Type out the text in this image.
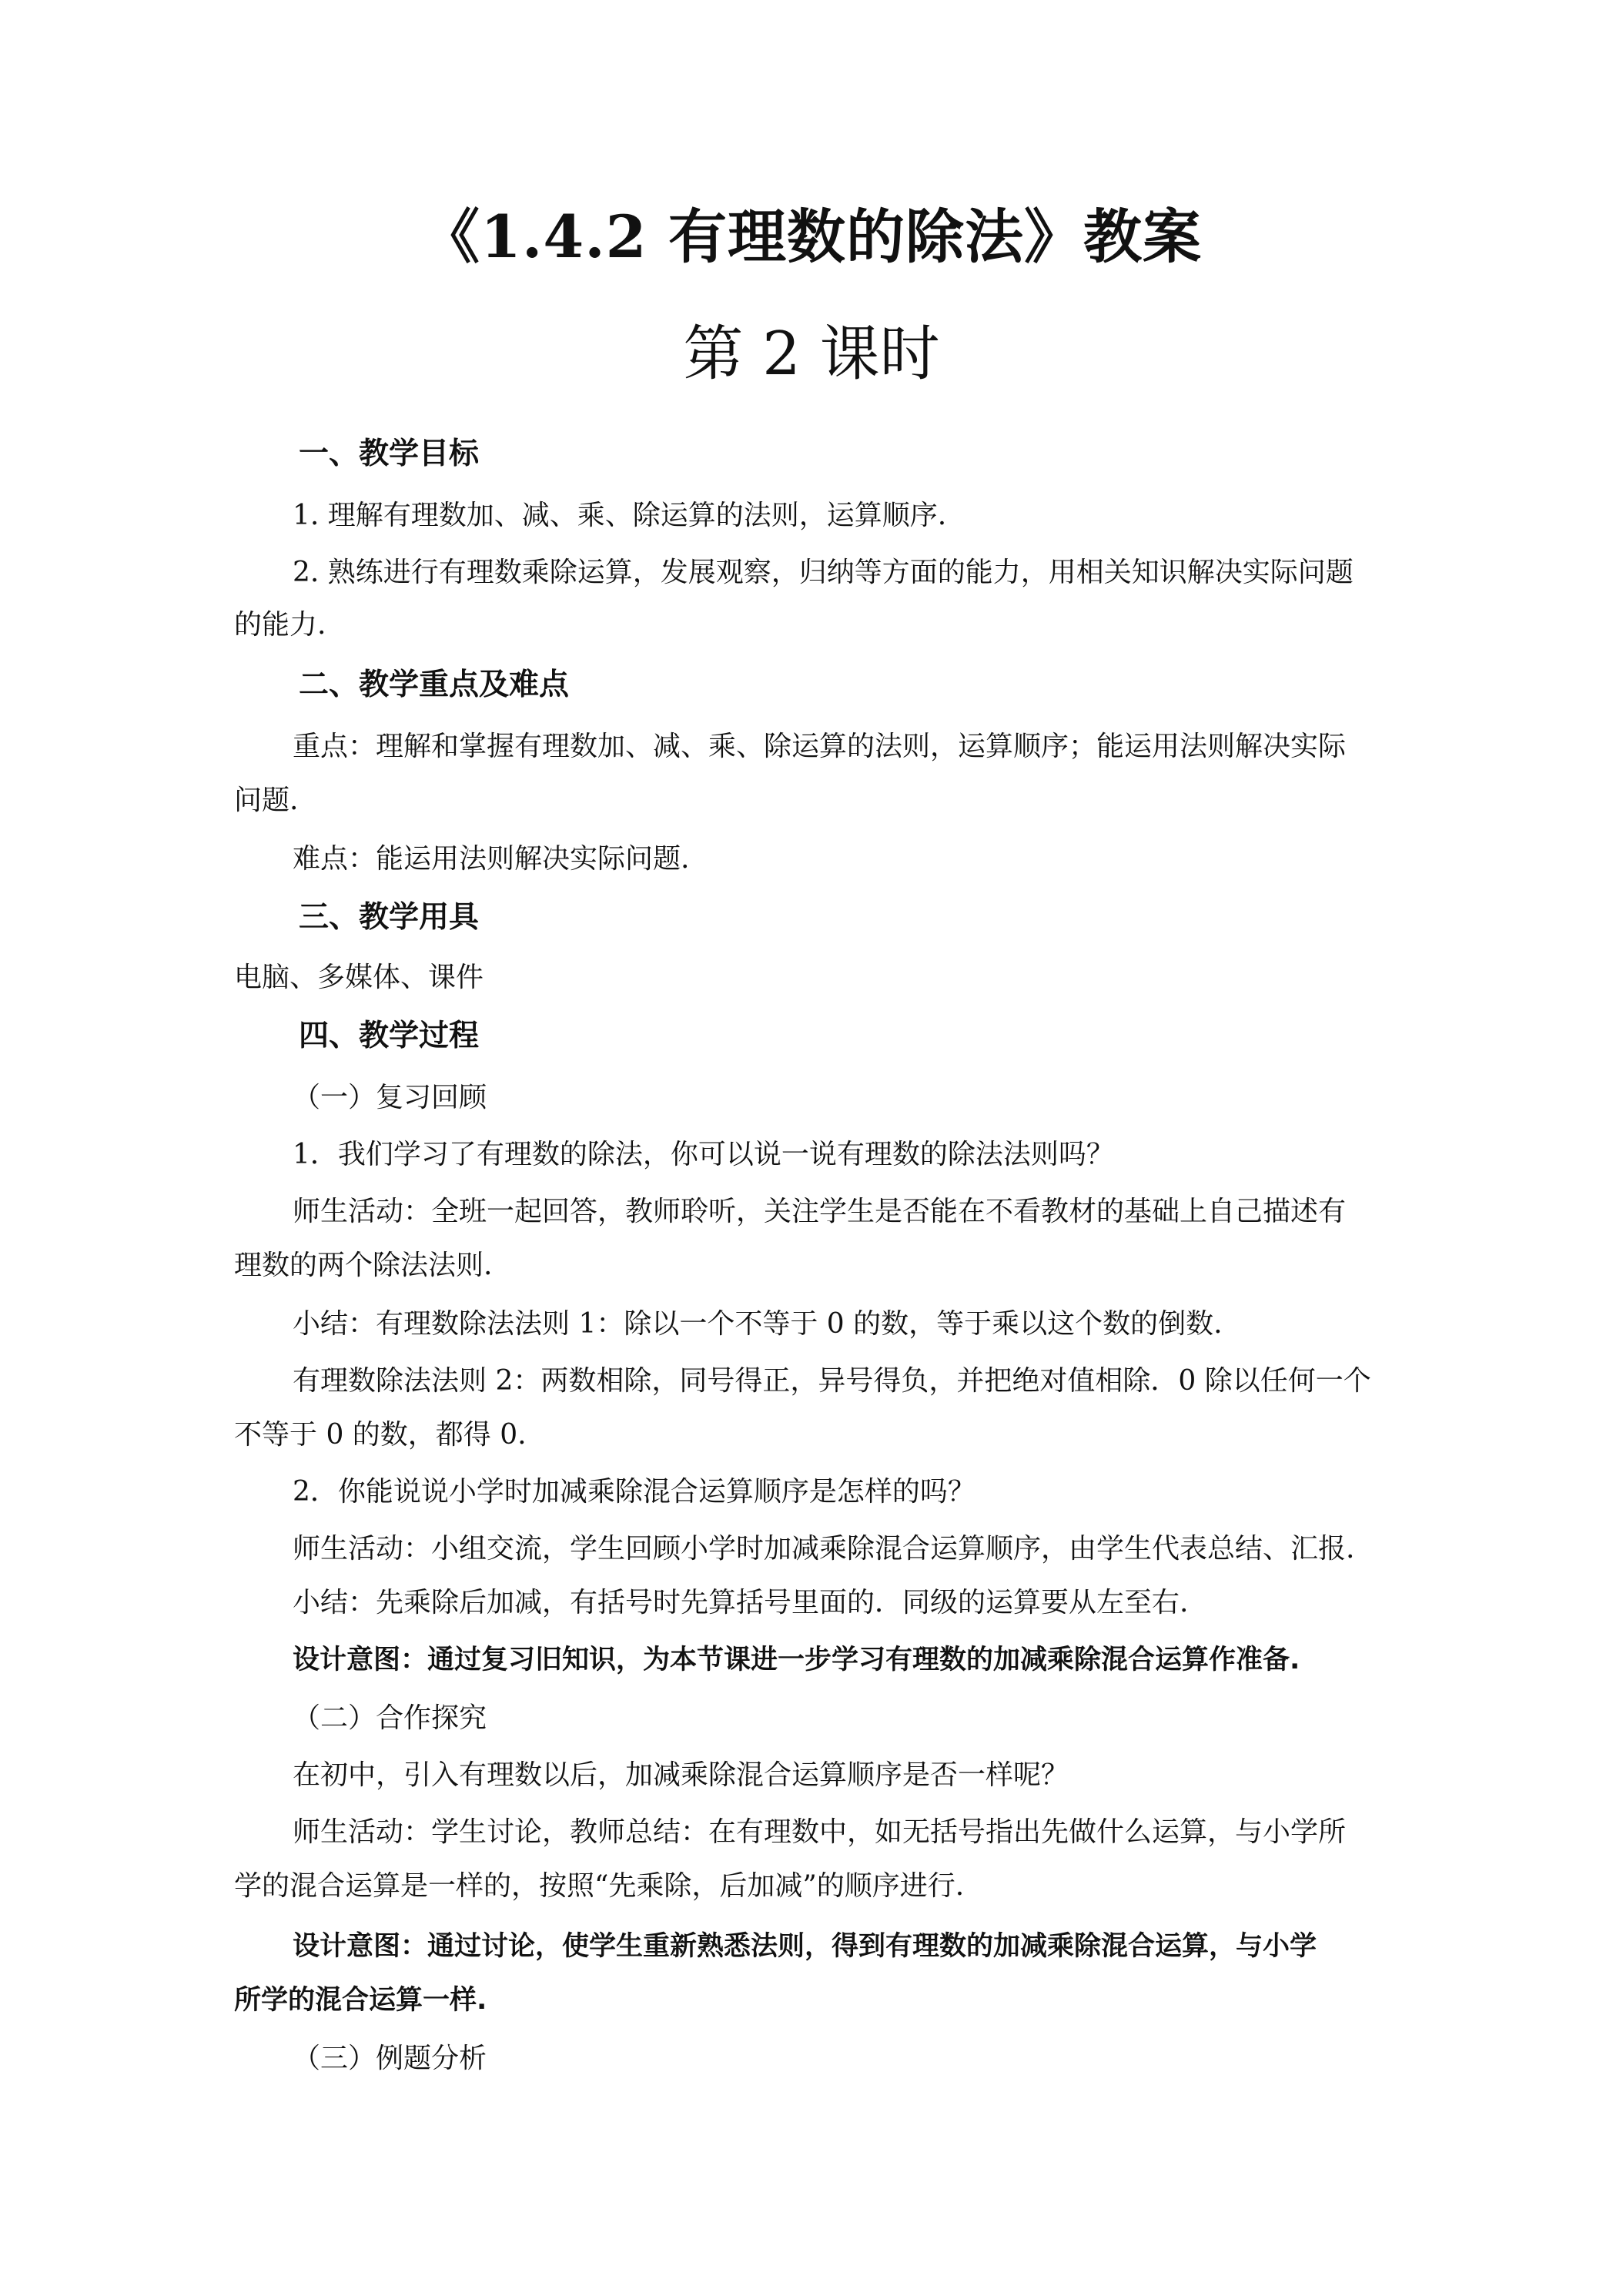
《1.4.2 有理数的除法》教案
第 2 课时
一、教学目标
1. 理解有理数加、减、乘、除运算的法则，运算顺序.
2. 熟练进行有理数乘除运算，发展观察，归纳等方面的能力，用相关知识解决实际问题
的能力.
二、教学重点及难点
重点：理解和掌握有理数加、减、乘、除运算的法则，运算顺序；能运用法则解决实际
问题.
难点：能运用法则解决实际问题.
三、教学用具
电脑、多媒体、课件
四、教学过程
（一）复习回顾
1．我们学习了有理数的除法，你可以说一说有理数的除法法则吗？
师生活动：全班一起回答，教师聆听，关注学生是否能在不看教材的基础上自己描述有
理数的两个除法法则.
小结：有理数除法法则 1：除以一个不等于 0 的数，等于乘以这个数的倒数.
有理数除法法则 2：两数相除，同号得正，异号得负，并把绝对值相除．0 除以任何一个
不等于 0 的数，都得 0.
2．你能说说小学时加减乘除混合运算顺序是怎样的吗？
师生活动：小组交流，学生回顾小学时加减乘除混合运算顺序，由学生代表总结、汇报.
小结：先乘除后加减，有括号时先算括号里面的．同级的运算要从左至右.
设计意图：通过复习旧知识，为本节课进一步学习有理数的加减乘除混合运算作准备.
（二）合作探究
在初中，引入有理数以后，加减乘除混合运算顺序是否一样呢？
师生活动：学生讨论，教师总结：在有理数中，如无括号指出先做什么运算，与小学所
学的混合运算是一样的，按照“先乘除，后加减”的顺序进行.
设计意图：通过讨论，使学生重新熟悉法则，得到有理数的加减乘除混合运算，与小学
所学的混合运算一样.
（三）例题分析
